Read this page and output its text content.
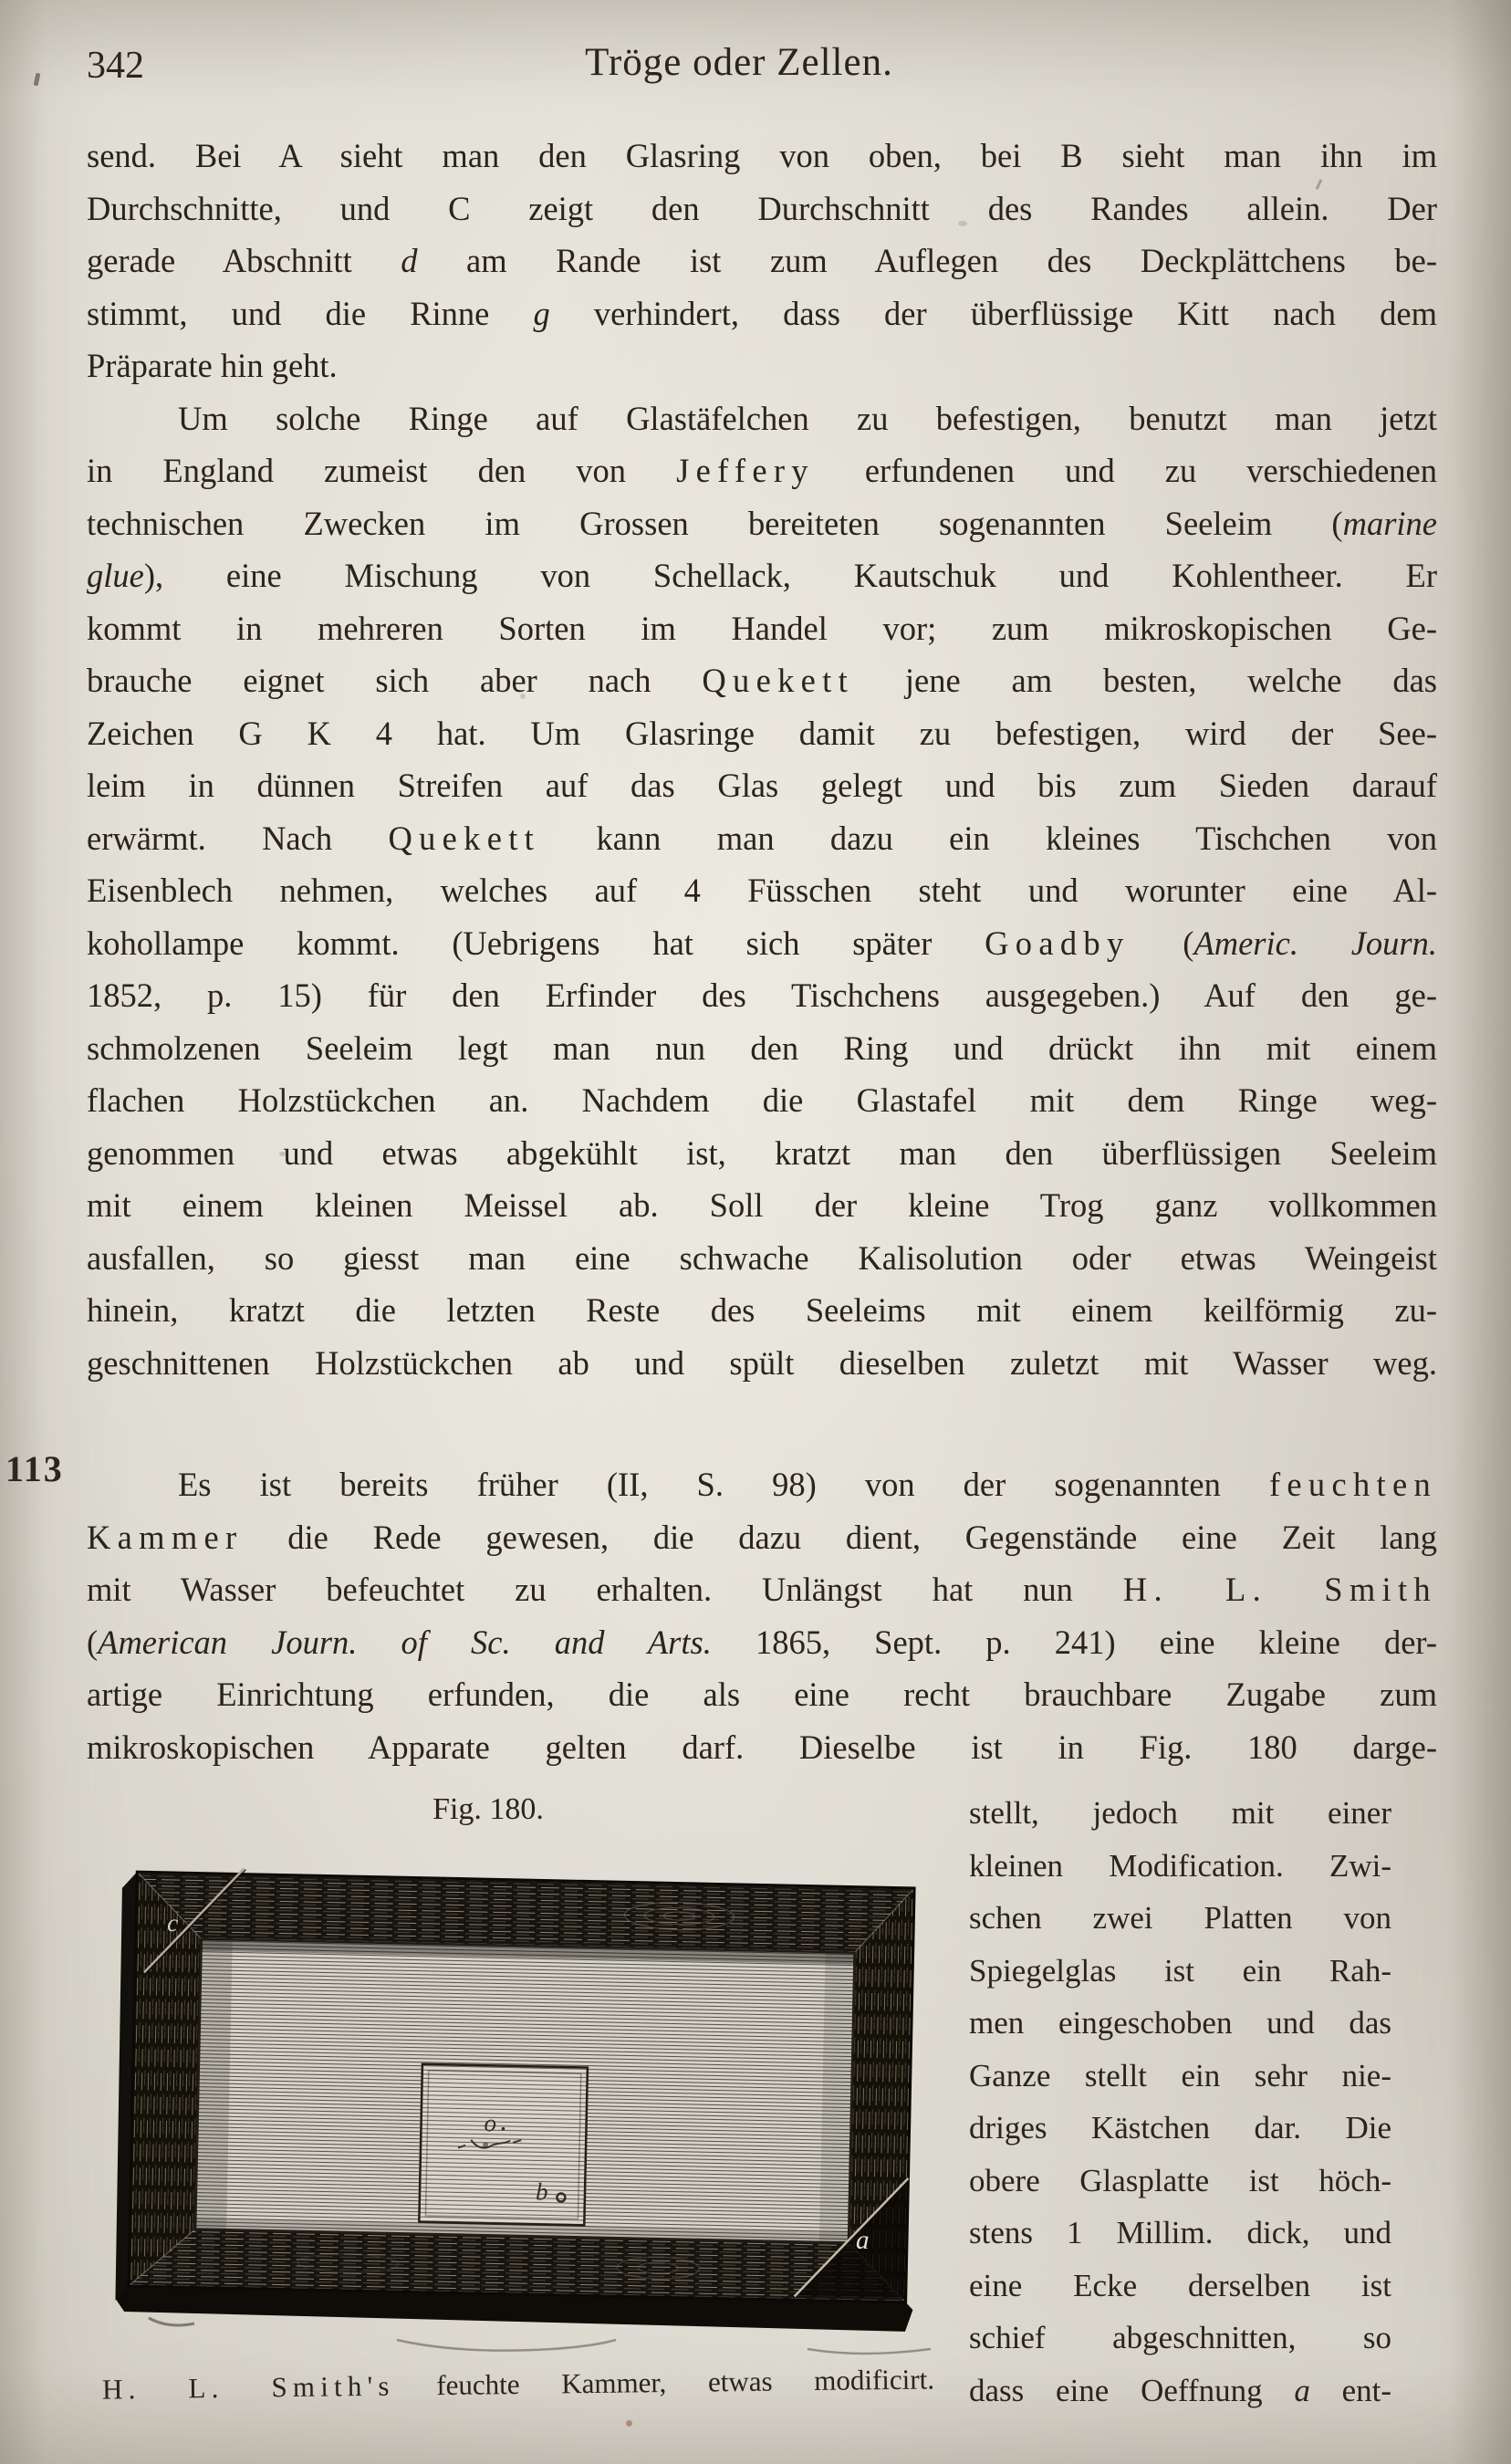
342	Tröge oder Zellen.
113
send. Bei A sieht man den Glasring von oben, bei B sieht man ihn im
Durchschnitte, und C zeigt den Durchschnitt des Randes allein. Der
gerade Abschnitt d am Rande ist zum Auflegen des Deckplättchens be-
stimmt, und die Rinne g verhindert, dass der überflüssige Kitt nach dem
Präparate hin geht.
Um solche Ringe auf Glastäfelchen zu befestigen, benutzt man jetzt
in England zumeist den von Jeffery erfundenen und zu verschiedenen
technischen Zwecken im Grossen bereiteten sogenannten Seeleim (marine
glue), eine Mischung von Schellack, Kautschuk und Kohlentheer. Er
kommt in mehreren Sorten im Handel vor; zum mikroskopischen Ge-
brauche eignet sich aber nach Quekett jene am besten, welche das
Zeichen G K 4 hat. Um Glasringe damit zu befestigen, wird der See-
leim in dünnen Streifen auf das Glas gelegt und bis zum Sieden darauf
erwärmt. Nach Quekett kann man dazu ein kleines Tischchen von
Eisenblech nehmen, welches auf 4 Füsschen steht und worunter eine Al-
kohollampe kommt. (Uebrigens hat sich später Goadby (Americ. Journ.
1852, p. 15) für den Erfinder des Tischchens ausgegeben.) Auf den ge-
schmolzenen Seeleim legt man nun den Ring und drückt ihn mit einem
flachen Holzstückchen an. Nachdem die Glastafel mit dem Ringe weg-
genommen und etwas abgekühlt ist, kratzt man den überflüssigen Seeleim
mit einem kleinen Meissel ab. Soll der kleine Trog ganz vollkommen
ausfallen, so giesst man eine schwache Kalisolution oder etwas Weingeist
hinein, kratzt die letzten Reste des Seeleims mit einem keilförmig zu-
geschnittenen Holzstückchen ab und spült dieselben zuletzt mit Wasser weg.
Es ist bereits früher (II, S. 98) von der sogenannten feuchten
Kammer die Rede gewesen, die dazu dient, Gegenstände eine Zeit lang
mit Wasser befeuchtet zu erhalten. Unlängst hat nun H. L. Smith
(American Journ. of Sc. and Arts. 1865, Sept. p. 241) eine kleine der-
artige Einrichtung erfunden, die als eine recht brauchbare Zugabe zum
mikroskopischen Apparate gelten darf. Dieselbe ist in Fig. 180 darge-
stellt, jedoch mit einer
kleinen Modification. Zwi-
schen zwei Platten von
Spiegelglas ist ein Rah-
men eingeschoben und das
Ganze stellt ein sehr nie-
driges Kästchen dar. Die
obere Glasplatte ist höch-
stens 1 Millim. dick, und
eine Ecke derselben ist
schief abgeschnitten, so
dass eine Oeffnung a ent-
Fig. 180.
c
a
o
b
H. L. Smith's feuchte Kammer, etwas modificirt.
